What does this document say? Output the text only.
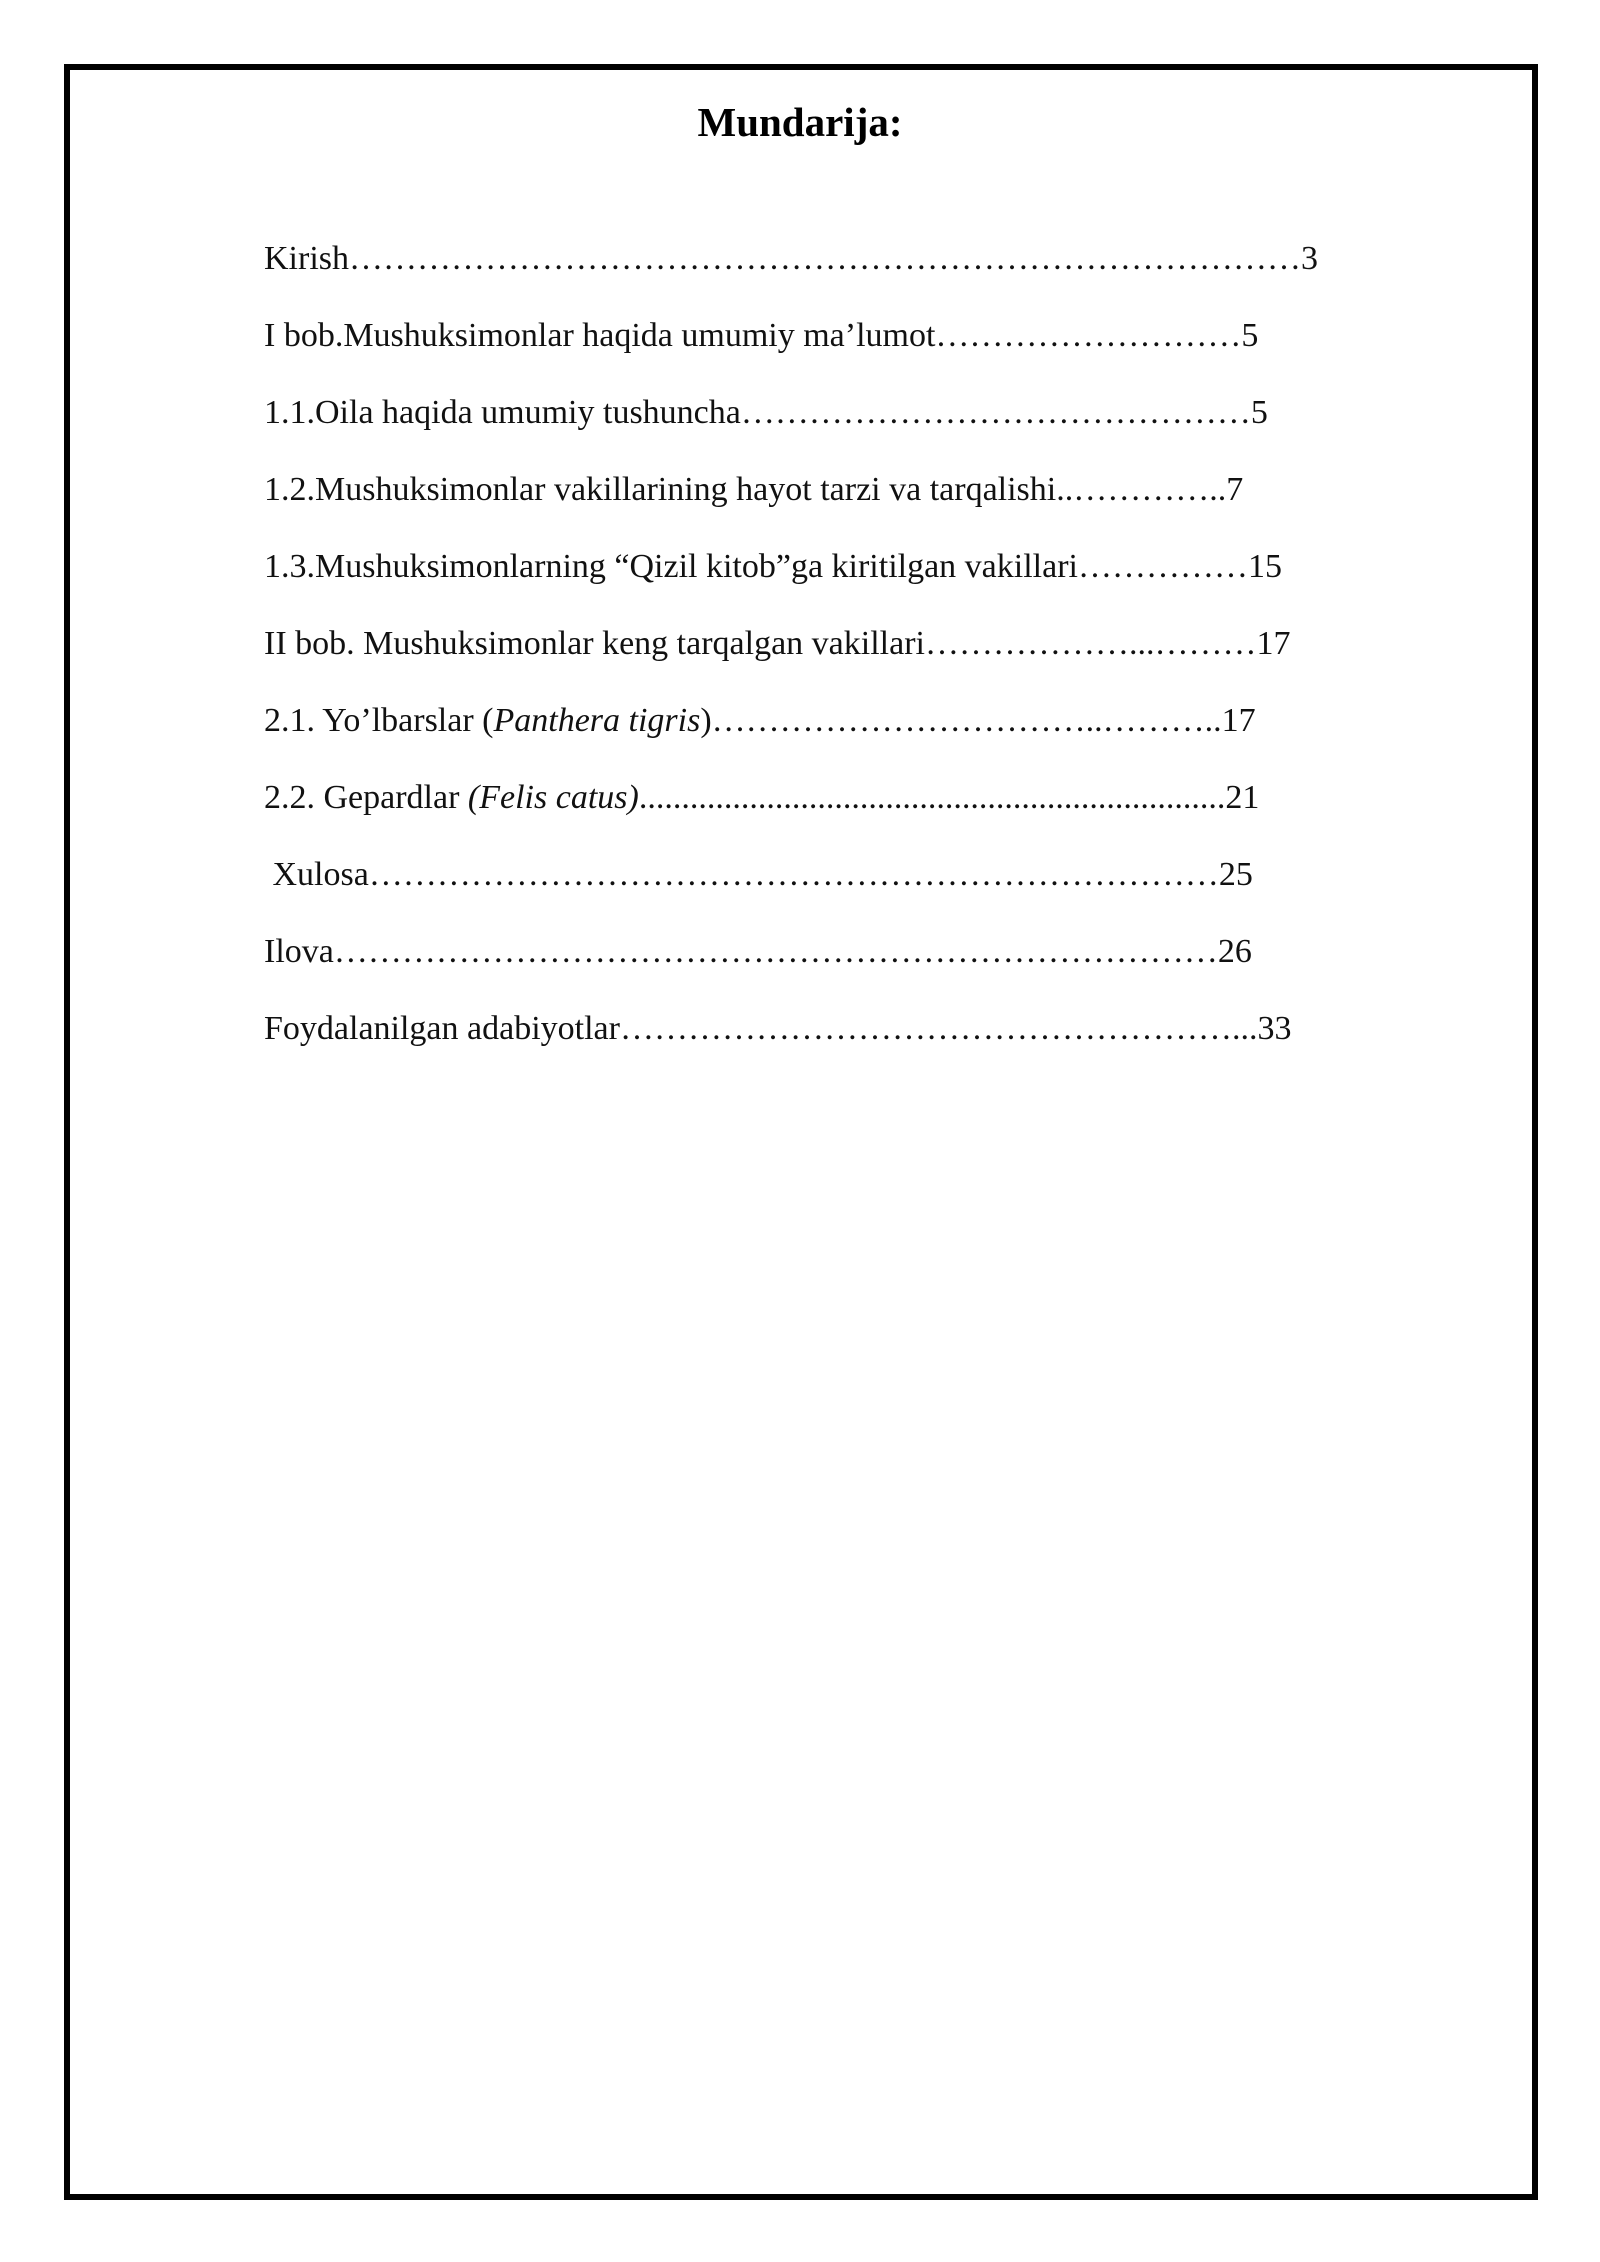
Mundarija:

Kirish…………………………………………………………………………3

I bob.Mushuksimonlar haqida umumiy ma’lumot………………………5

1.1.Oila haqida umumiy tushuncha………………………………………5

1.2.Mushuksimonlar vakillarining hayot tarzi va tarqalishi..…………..7

1.3.Mushuksimonlarning “Qizil kitob”ga kiritilgan vakillari……………15

II bob. Mushuksimonlar keng tarqalgan vakillari………………...………17

2.1. Yo’lbarslar (Panthera tigris)……………………………..………..17

2.2. Gepardlar (Felis catus).....................................................................21

Xulosa…………………………………………………………………25

Ilova……………………………………………………………………26

Foydalanilgan adabiyotlar………………………………………………...33
